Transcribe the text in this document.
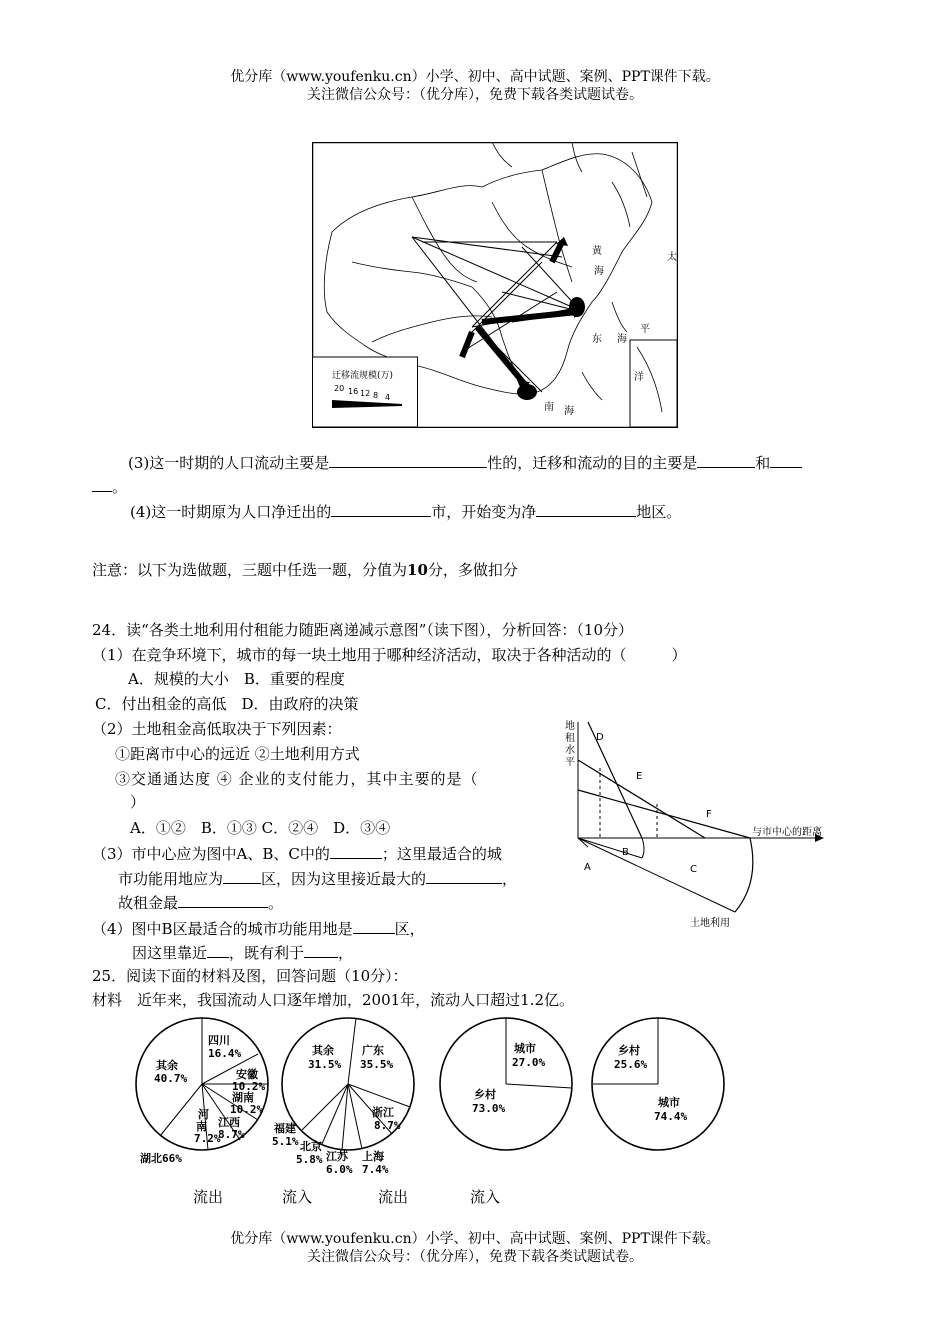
优分库（www.youfenku.cn）小学、初中、高中试题、案例、PPT课件下载。
关注微信公众号：（优分库），免费下载各类试题试卷。
黄
海
太
东 海
平
洋
南 海
迁移流规模(万)
20 16 12 8 4
(3)这一时期的人口流动主要是	性的，迁移和流动的目的主要是	和
。
(4)这一时期原为人口净迁出的	市，开始变为净	地区。
注意：以下为选做题，三题中任选一题，分值为10分，多做扣分
24．读“各类土地利用付租能力随距离递减示意图”（读下图），分析回答：（10分）
（1）在竞争环境下，城市的每一块土地用于哪种经济活动，取决于各种活动的（　　　）
A．规模的大小　B．重要的程度
C．付出租金的高低　D．由政府的决策
（2）土地租金高低取决于下列因素：
①距离市中心的远近 ②土地利用方式
③交通通达度 ④ 企业的支付能力，其中主要的是（
）
A．①②　B．①③ C．②④　D．③④
（3）市中心应为图中A、B、C中的	；这里最适合的城
市功能用地应为	区，因为这里接近最大的	，
故租金最	。
（4）图中B区最适合的城市功能用地是	区，
因这里靠近 ，既有利于 ，
地
租
水
平
D
E
F
A
B
C
与市中心的距离
土地利用
25．阅读下面的材料及图，回答问题（10分）：
材料　近年来，我国流动人口逐年增加，2001年，流动人口超过1.2亿。
四川
16.4%
其余
40.7%	安徽
10.2%
湖南
10.2%
河
南
7.2%
江西
8.7%
湖北66%
其余
31.5%
广东
35.5%
浙江
8.7%
福建
5.1% 北京
5.8% 江苏
6.0%
上海
7.4%
城市
27.0%
乡村
73.0%
乡村
25.6%
城市
74.4%
流出	流入	流出	流入
优分库（www.youfenku.cn）小学、初中、高中试题、案例、PPT课件下载。
关注微信公众号：（优分库），免费下载各类试题试卷。
